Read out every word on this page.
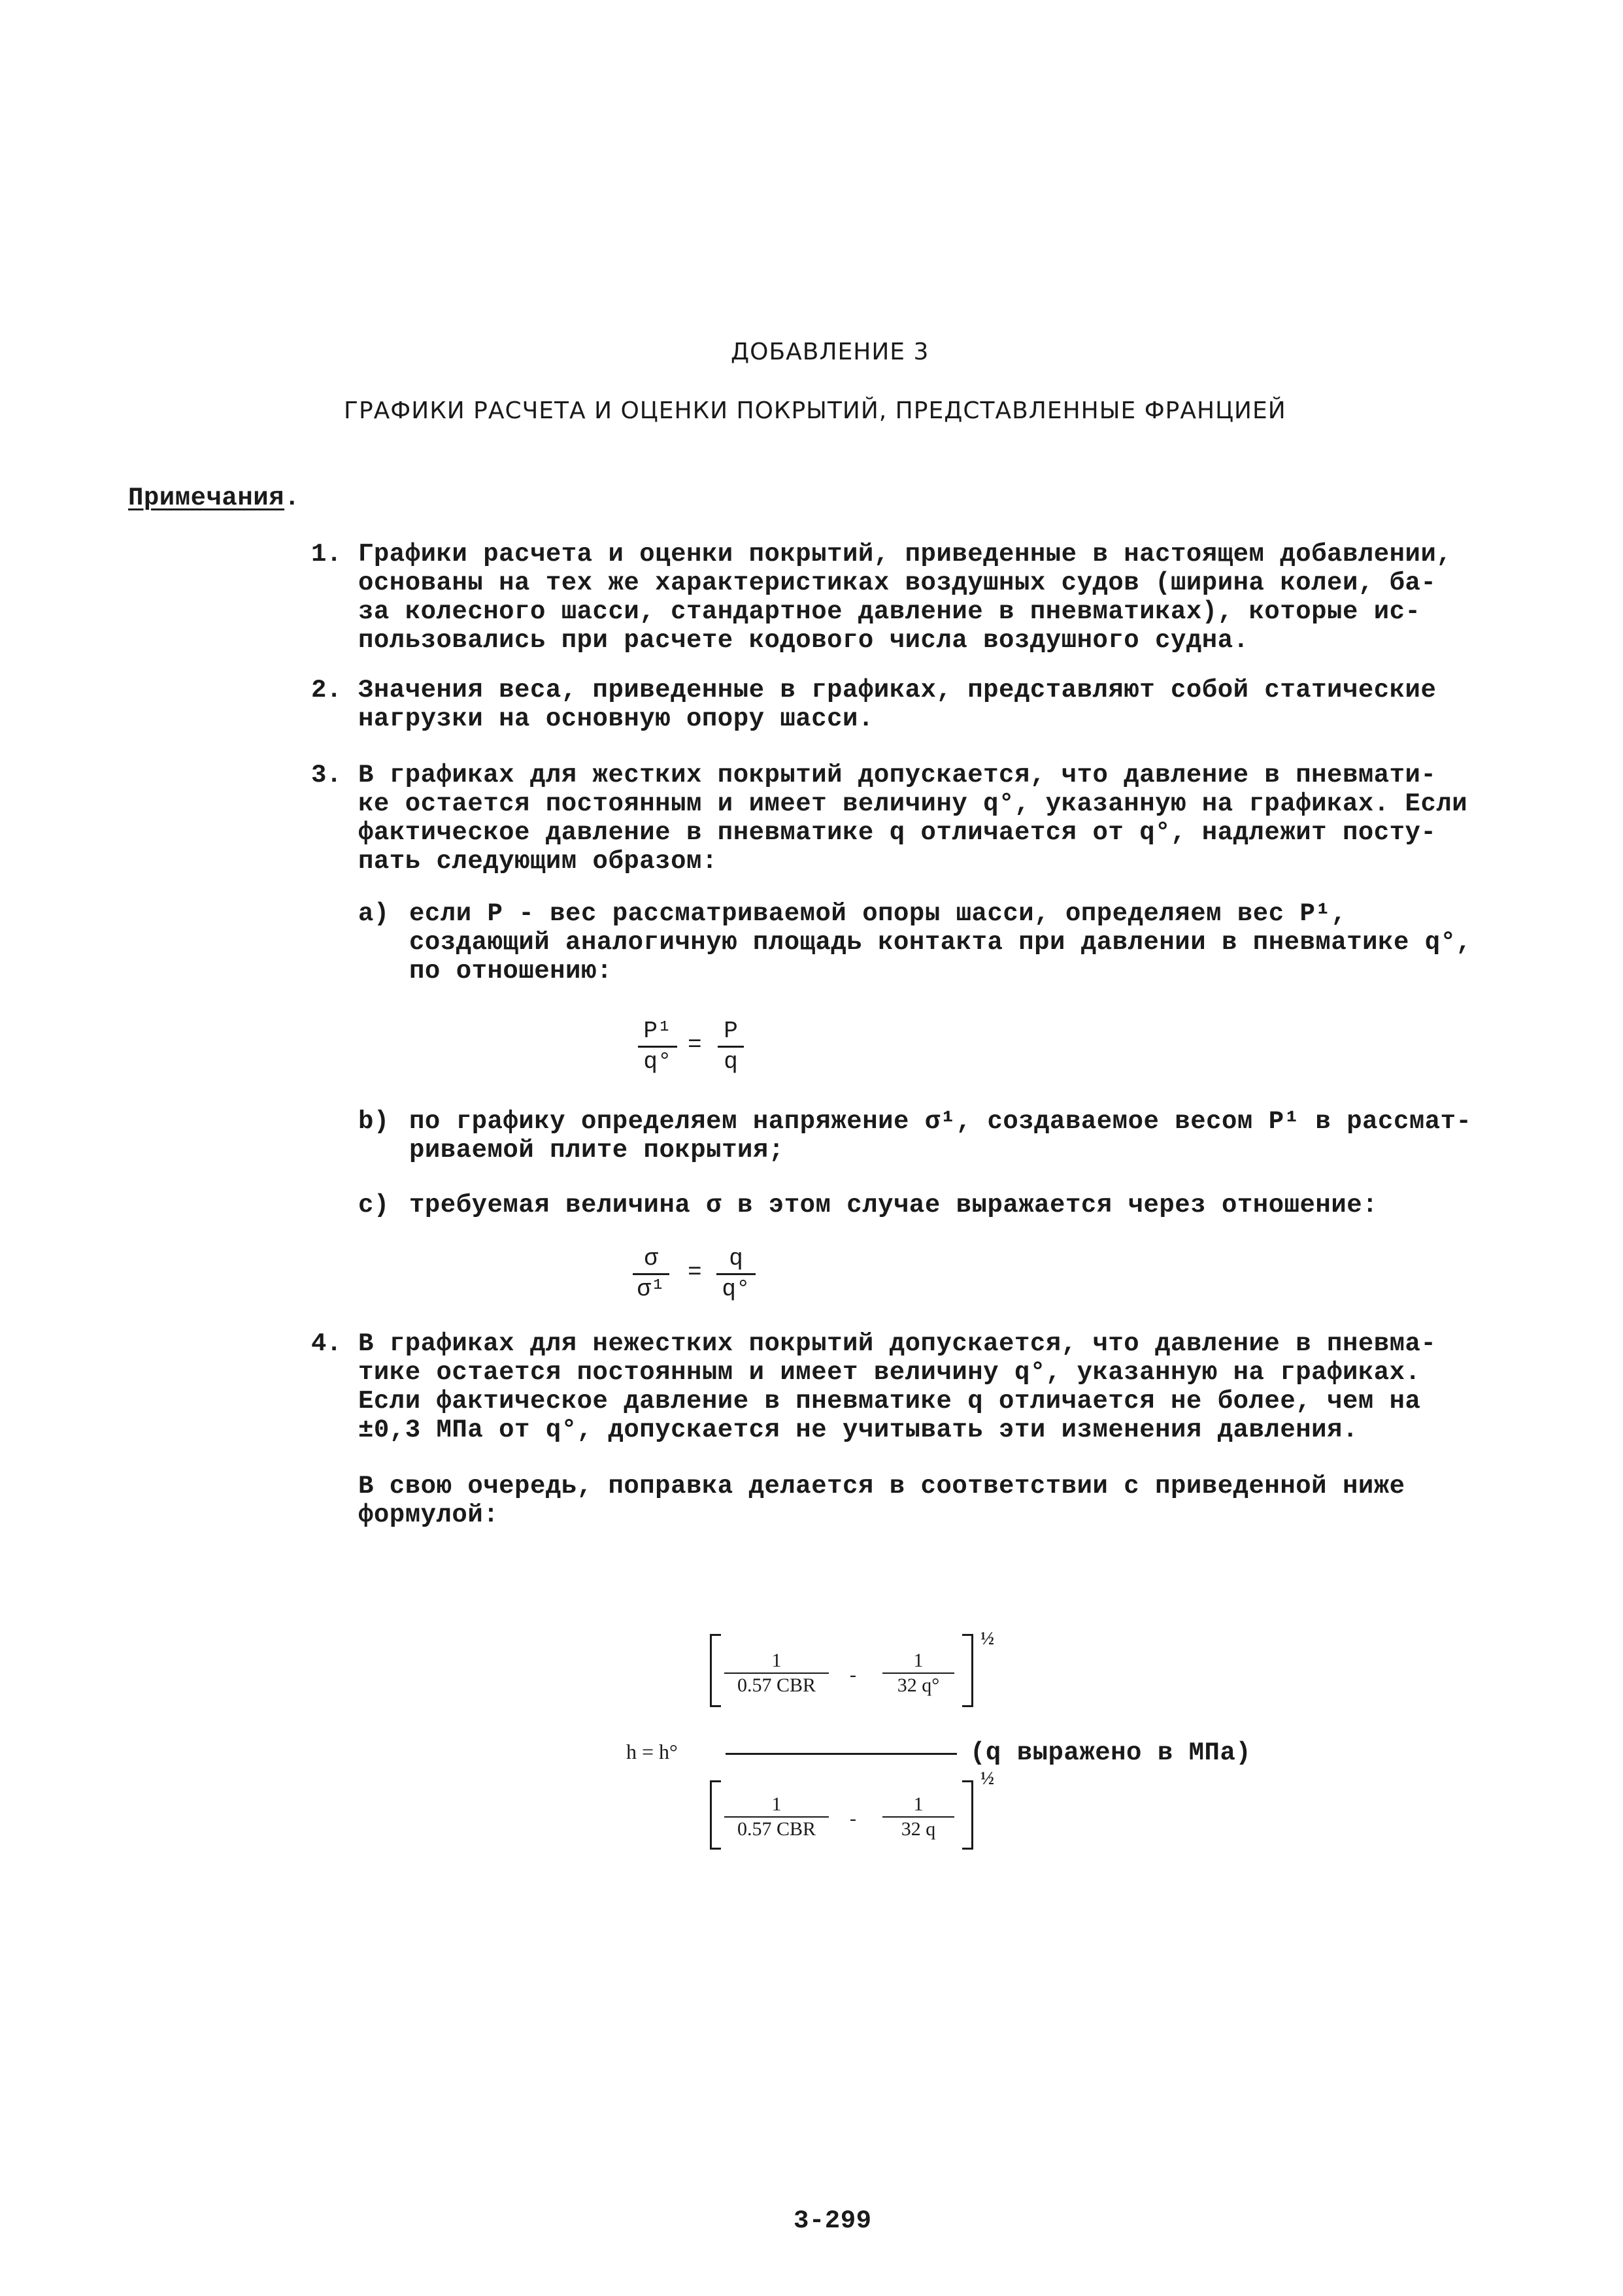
ДОБАВЛЕНИЕ 3
ГРАФИКИ РАСЧЕТА И ОЦЕНКИ ПОКРЫТИЙ, ПРЕДСТАВЛЕННЫЕ ФРАНЦИЕЙ
Примечания.
1. Графики расчета и оценки покрытий, приведенные в настоящем добавлении,
основаны на тех же характеристиках воздушных судов (ширина колеи, ба-
за колесного шасси, стандартное давление в пневматиках), которые ис-
пользовались при расчете кодового числа воздушного судна.
2. Значения веса, приведенные в графиках, представляют собой статические
нагрузки на основную опору шасси.
3. В графиках для жестких покрытий допускается, что давление в пневмати-
ке остается постоянным и имеет величину q°, указанную на графиках. Если
фактическое давление в пневматике q отличается от q°, надлежит посту-
пать следующим образом:
a) если P - вес рассматриваемой опоры шасси, определяем вес P¹,
создающий аналогичную площадь контакта при давлении в пневматике q°,
по отношению:
P¹
q°
=
P
q
b) по графику определяем напряжение σ¹, создаваемое весом P¹ в рассмат-
риваемой плите покрытия;
c) требуемая величина σ в этом случае выражается через отношение:
σ
σ¹
=
q
q°
4. В графиках для нежестких покрытий допускается, что давление в пневма-
тике остается постоянным и имеет величину q°, указанную на графиках.
Если фактическое давление в пневматике q отличается не более, чем на
±0,3 МПа от q°, допускается не учитывать эти изменения давления.
В свою очередь, поправка делается в соответствии с приведенной ниже
формулой:
1
0.57 CBR	-
1
32 q°
½
h = h°	(q выражено в МПа)
1
0.57 CBR	-
1
32 q
½
3-299
